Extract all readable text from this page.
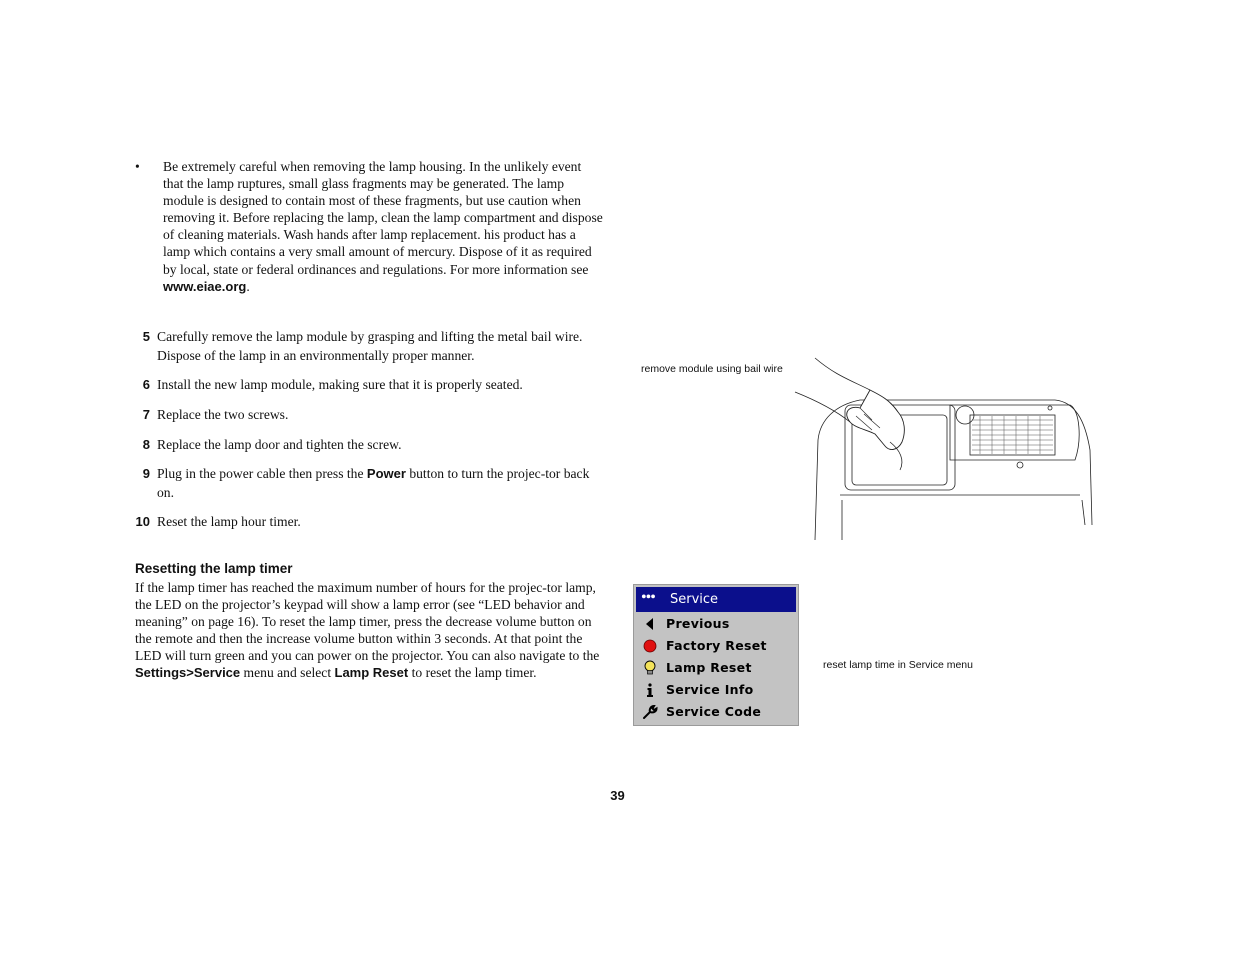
• Be extremely careful when removing the lamp housing. In the unlikely event that the lamp ruptures, small glass fragments may be generated. The lamp module is designed to contain most of these fragments, but use caution when removing it. Before replacing the lamp, clean the lamp compartment and dispose of cleaning materials. Wash hands after lamp replacement. his product has a lamp which contains a very small amount of mercury. Dispose of it as required by local, state or federal ordinances and regulations. For more information see www.eiae.org.
5 Carefully remove the lamp module by grasping and lifting the metal bail wire. Dispose of the lamp in an environmentally proper manner.
6 Install the new lamp module, making sure that it is properly seated.
7 Replace the two screws.
8 Replace the lamp door and tighten the screw.
9 Plug in the power cable then press the Power button to turn the projec-tor back on.
10 Reset the lamp hour timer.
Resetting the lamp timer

If the lamp timer has reached the maximum number of hours for the projec-tor lamp, the LED on the projector’s keypad will show a lamp error (see “LED behavior and meaning” on page 16). To reset the lamp timer, press the decrease volume button on the remote and then the increase volume button within 3 seconds. At that point the LED will turn green and you can power on the projector. You can also navigate to the Settings>Service menu and select Lamp Reset to reset the lamp timer.

remove module using bail wire
reset lamp time in Service menu
••• Service
Previous
Factory Reset
Lamp Reset
Service Info
Service Code
39
